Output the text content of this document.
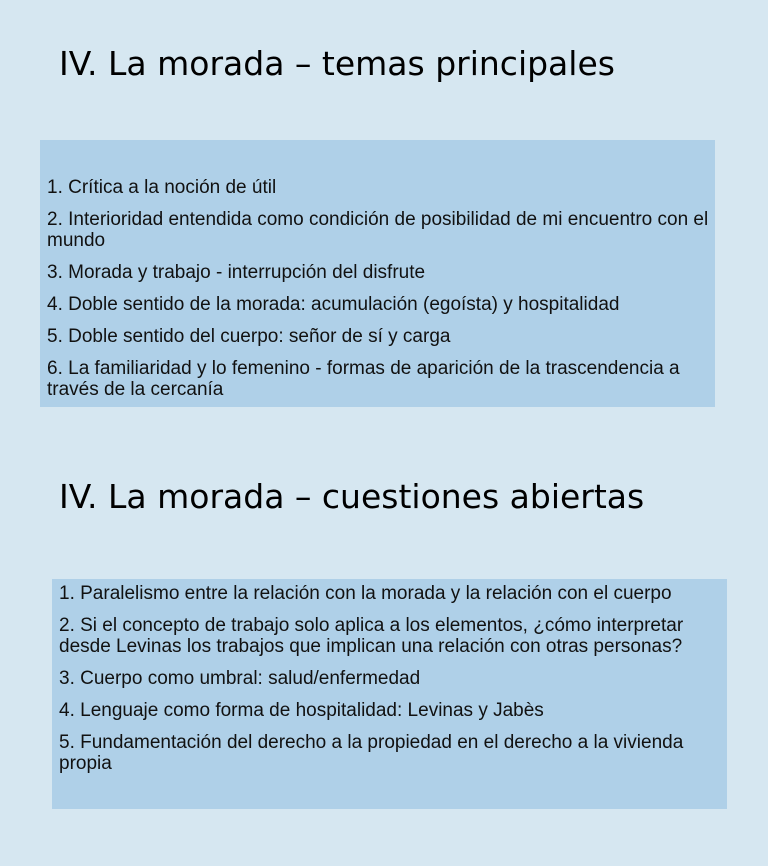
IV. La morada – temas principales
1. Crítica a la noción de útil
2. Interioridad entendida como condición de posibilidad de mi encuentro con el mundo
3. Morada y trabajo - interrupción del disfrute
4. Doble sentido de la morada: acumulación (egoísta) y hospitalidad
5. Doble sentido del cuerpo: señor de sí y carga
6. La familiaridad y lo femenino - formas de aparición de la trascendencia a través de la cercanía
IV. La morada – cuestiones abiertas
1. Paralelismo entre la relación con la morada y la relación con el cuerpo
2. Si el concepto de trabajo solo aplica a los elementos, ¿cómo interpretar desde Levinas los trabajos que implican una relación con otras personas?
3. Cuerpo como umbral: salud/enfermedad
4. Lenguaje como forma de hospitalidad: Levinas y Jabès
5. Fundamentación del derecho a la propiedad en el derecho a la vivienda propia
